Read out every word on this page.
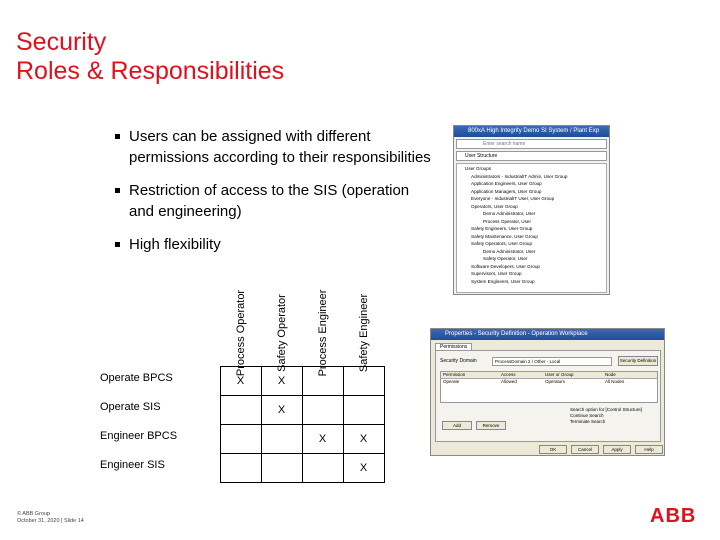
Security
Roles & Responsibilities
Users can be assigned with different permissions according to their responsibilities
Restriction of access to the SIS (operation and engineering)
High flexibility
Process Operator	Safety Operator	Process Engineer	Safety Engineer
Operate BPCS	X	X		
Operate SIS		X		
Engineer BPCS			X	X
Engineer SIS				X
800xA High Integrity Demo SI System / Plant Exp
Enter search name
User Structure
User Groups
Administrators - IndustrialIT Admin, User Group
Application Engineers, User Group
Application Managers, User Group
Everyone - IndustrialIT User, User Group
Operators, User Group
Demo Administrator, User
Process Operator, User
Safety Engineers, User Group
Safety Maintenance, User Group
Safety Operators, User Group
Demo Administrator, User
Safety Operator, User
Software Developers, User Group
Supervisors, User Group
System Engineers, User Group
Properties - Security Definition - Operation Workplace
Permissions
Security Domain	ProcessDomain 2 / Other - Local	Security Definition
Permission	Access	User or Group	Node
Operate	Allowed	Operators	All Nodes
Search option for [Control Structure]
Continue Search
Terminate Search
Add	Remove
OK	Cancel	Apply	Help
© ABB Group
October 31, 2020 | Slide 14	ABB
